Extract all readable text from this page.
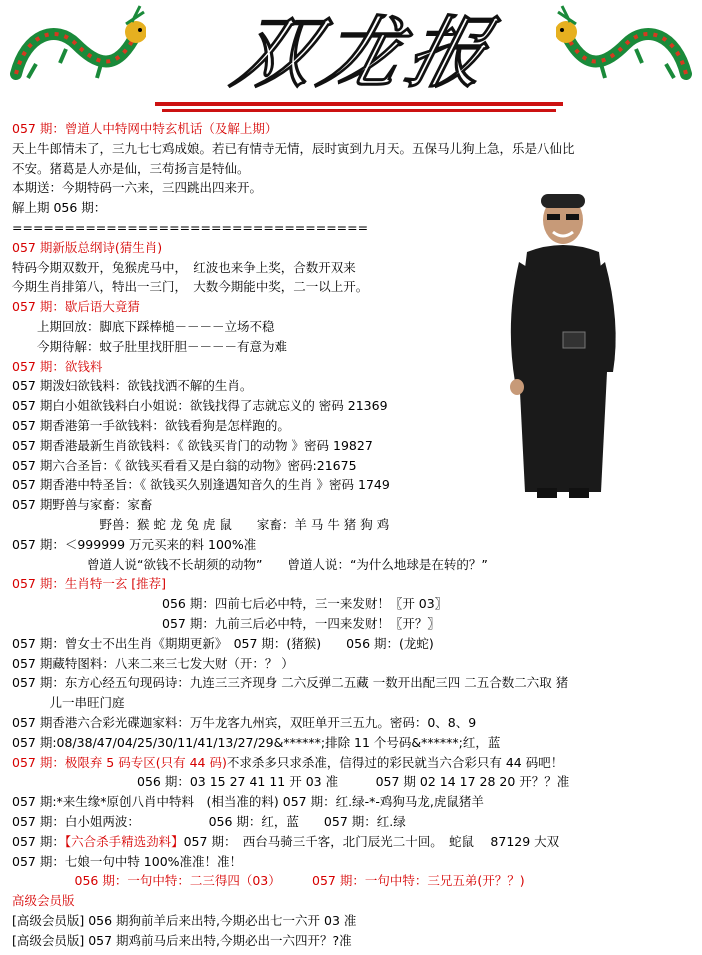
双龙报
057 期：曾道人中特网中特玄机话（及解上期）
天上牛郎情未了，三九七七鸡成娘。若已有情寺无情，辰时寅到九月天。五保马儿狗上急，乐是八仙比
不安。猪葛是人亦是仙，三苟扬言是特仙。
本期送：今期特码一六来，三四跳出四来开。
解上期 056 期：
==================================
057 期新版总纲诗(猜生肖)
特码今期双数开，兔猴虎马中，　红波也来争上奖，合数开双来
今期生肖排第八，特出一三门，　大数今期能中奖，二一以上开。
057 期：歇后语大竟猜
　　上期回放：脚底下踩棒槌－－－－立场不稳
　　今期待解：蚊子肚里找肝胆－－－－有意为难
057 期：欲钱料
057 期泼妇欲钱料：欲钱找洒不解的生肖。
057 期白小姐欲钱料白小姐说：欲钱找得了志就忘义的 密码 21369
057 期香港第一手欲钱料：欲钱看狗是怎样跑的。
057 期香港最新生肖欲钱料：《 欲钱买肯门的动物 》密码 19827
057 期六合圣旨：《 欲钱买看看又是白翁的动物》密码:21675
057 期香港中特圣旨：《 欲钱买久别逢遇知音久的生肖 》密码 1749
057 期野兽与家畜：家畜
　　　　　　　野兽：猴 蛇 龙 兔 虎 鼠　　家畜：羊 马 牛 猪 狗 鸡
057 期：＜999999 万元买来的料 100%准
　　　　　　曾道人说“欲钱不长胡须的动物”　　曾道人说：“为什么地球是在转的？”
057 期：生肖特一玄 [推荐]
　　　　　　　　　　　　056 期：四前七后必中特，三一来发财！〖开 03〗
　　　　　　　　　　　　057 期：九前三后必中特，一四来发财！〖开？〗
057 期：曾女士不出生肖《期期更新》　057 期：(猪猴)　　056 期：(龙蛇)
057 期藏特图料：八来二来三七发大财（开：？ ）
057 期：东方心经五句现码诗：九连三三齐现身 二六反弹二五藏 一数开出配三四 二五合数二六取 猪
　　　儿一串旺门庭
057 期香港六合彩光碟迦家料：万牛龙客九州宾，双旺单开三五九。密码：0、8、9
057 期:08/38/47/04/25/30/11/41/13/27/29&******;排除 11 个号码&******;红，蓝
057 期：极限弃 5 码专区(只有 44 码)不求杀多只求杀准，信得过的彩民就当六合彩只有 44 码吧！
　　　　　　　　　　056 期：03 15 27 41 11 开 03 准　　　057 期 02 14 17 28 20 开？？准
057 期:*来生缘*原创八肖中特料　(相当准的料) 057 期：红.绿-*-鸡狗马龙,虎鼠猪羊
057 期：白小姐两波：　　　　　　056 期：红，蓝　　057 期：红.绿
057 期：【六合杀手精选劲料】057 期：　西台马骑三千客，北门辰光二十回。　蛇鼠　 87129 大双
057 期：七娘一句中特 100%准准！准！
　　　　　056 期：一句中特：二三得四（03）　　　057 期：一句中特：三兄五弟(开？？)
高级会员版
[高级会员版] 056 期狗前羊后来出特,今期必出七一六开 03 准
[高级会员版] 057 期鸡前马后来出特,今期必出一六四开？?准
